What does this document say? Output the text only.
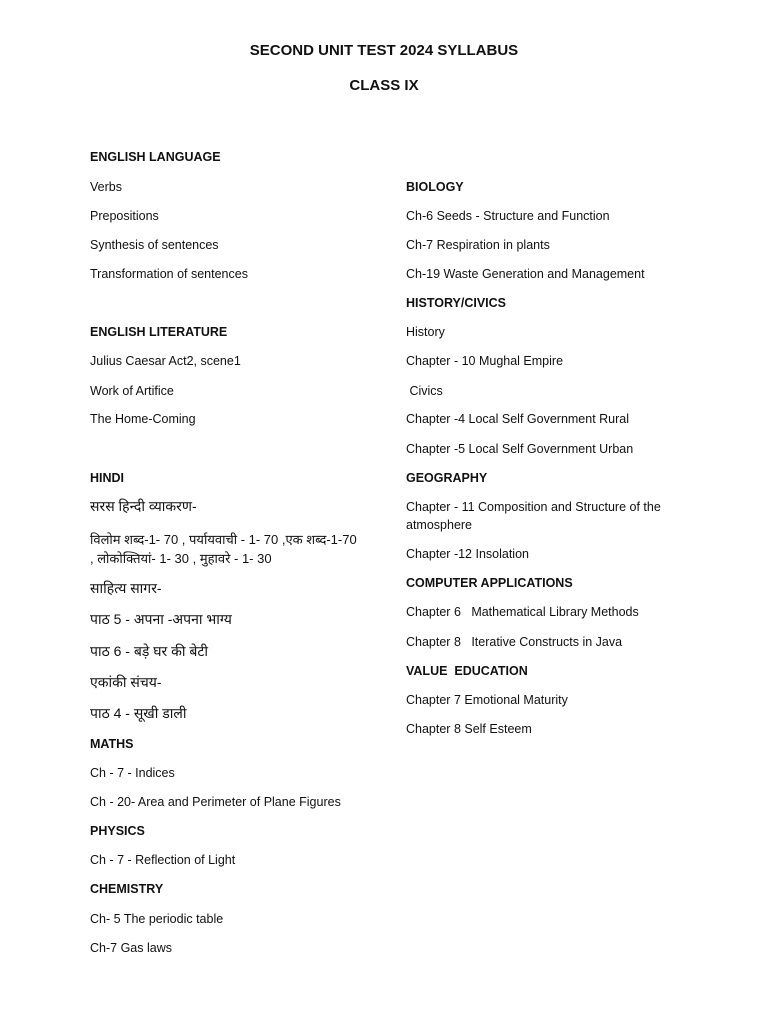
SECOND UNIT TEST 2024 SYLLABUS
CLASS IX
ENGLISH LANGUAGE
Verbs
Prepositions
Synthesis of sentences
Transformation of sentences
ENGLISH LITERATURE
Julius Caesar Act2, scene1
Work of Artifice
The Home-Coming
HINDI
सरस हिन्दी व्याकरण-
विलोम शब्द-1- 70 , पर्यायवाची - 1- 70 ,एक शब्द-1-70 , लोकोक्तियां- 1- 30 , मुहावरे - 1- 30
साहित्य सागर-
पाठ 5 - अपना -अपना भाग्य
पाठ 6 - बड़े घर की बेटी
एकांकी संचय-
पाठ 4 - सूखी डाली
MATHS
Ch - 7 - Indices
Ch - 20- Area and Perimeter of Plane Figures
PHYSICS
Ch - 7 - Reflection of Light
CHEMISTRY
Ch- 5 The periodic table
Ch-7 Gas laws
BIOLOGY
Ch-6 Seeds - Structure and Function
Ch-7 Respiration in plants
Ch-19 Waste Generation and Management
HISTORY/CIVICS
History
Chapter - 10 Mughal Empire
Civics
Chapter -4 Local Self Government Rural
Chapter -5 Local Self Government Urban
GEOGRAPHY
Chapter - 11 Composition and Structure of the atmosphere
Chapter -12 Insolation
COMPUTER APPLICATIONS
Chapter 6   Mathematical Library Methods
Chapter 8   Iterative Constructs in Java
VALUE  EDUCATION
Chapter 7 Emotional Maturity
Chapter 8 Self Esteem
